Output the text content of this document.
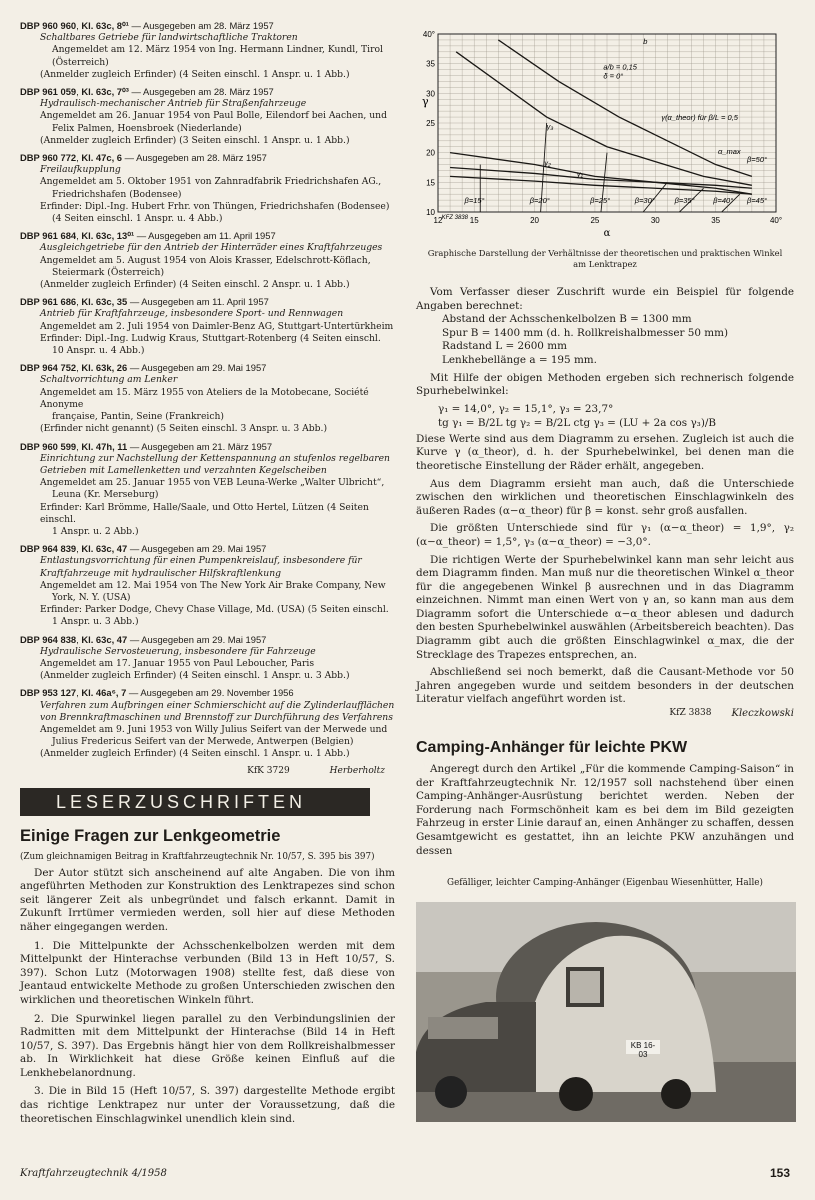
DBP 960 960, Kl. 63c, 8⁰¹ — Ausgegeben am 28. März 1957
Schaltbares Getriebe für landwirtschaftliche Traktoren
Angemeldet am 12. März 1954 von Ing. Hermann Lindner, Kundl, Tirol (Österreich)
(Anmelder zugleich Erfinder) (4 Seiten einschl. 1 Anspr. u. 1 Abb.)
DBP 961 059, Kl. 63c, 7⁰³ — Ausgegeben am 28. März 1957
Hydraulisch-mechanischer Antrieb für Straßenfahrzeuge
Angemeldet am 26. Januar 1954 von Paul Bolle, Eilendorf bei Aachen, und
Felix Palmen, Hoensbroek (Niederlande)
(Anmelder zugleich Erfinder) (3 Seiten einschl. 1 Anspr. u. 1 Abb.)
DBP 960 772, Kl. 47c, 6 — Ausgegeben am 28. März 1957
Freilaufkupplung
Angemeldet am 5. Oktober 1951 von Zahnradfabrik Friedrichshafen AG.,
Friedrichshafen (Bodensee)
Erfinder: Dipl.-Ing. Hubert Frhr. von Thüngen, Friedrichshafen (Bodensee)
(4 Seiten einschl. 1 Anspr. u. 4 Abb.)
DBP 961 684, Kl. 63c, 13⁰¹ — Ausgegeben am 11. April 1957
Ausgleichgetriebe für den Antrieb der Hinterräder eines Kraftfahrzeuges
Angemeldet am 5. August 1954 von Alois Krasser, Edelschrott-Köflach,
Steiermark (Österreich)
(Anmelder zugleich Erfinder) (4 Seiten einschl. 2 Anspr. u. 1 Abb.)
DBP 961 686, Kl. 63c, 35 — Ausgegeben am 11. April 1957
Antrieb für Kraftfahrzeuge, insbesondere Sport- und Rennwagen
Angemeldet am 2. Juli 1954 von Daimler-Benz AG, Stuttgart-Untertürkheim
Erfinder: Dipl.-Ing. Ludwig Kraus, Stuttgart-Rotenberg (4 Seiten einschl.
10 Anspr. u. 4 Abb.)
DBP 964 752, Kl. 63k, 26 — Ausgegeben am 29. Mai 1957
Schaltvorrichtung am Lenker
Angemeldet am 15. März 1955 von Ateliers de la Motobecane, Société Anonyme
française, Pantin, Seine (Frankreich)
(Erfinder nicht genannt) (5 Seiten einschl. 3 Anspr. u. 3 Abb.)
DBP 960 599, Kl. 47h, 11 — Ausgegeben am 21. März 1957
Einrichtung zur Nachstellung der Kettenspannung an stufenlos regelbaren Getrieben mit Lamellenketten und verzahnten Kegelscheiben
Angemeldet am 25. Januar 1955 von VEB Leuna-Werke „Walter Ulbricht“,
Leuna (Kr. Merseburg)
Erfinder: Karl Brömme, Halle/Saale, und Otto Hertel, Lützen (4 Seiten einschl.
1 Anspr. u. 2 Abb.)
DBP 964 839, Kl. 63c, 47 — Ausgegeben am 29. Mai 1957
Entlastungsvorrichtung für einen Pumpenkreislauf, insbesondere für Kraftfahrzeuge mit hydraulischer Hilfskraftlenkung
Angemeldet am 12. Mai 1954 von The New York Air Brake Company, New
York, N. Y. (USA)
Erfinder: Parker Dodge, Chevy Chase Village, Md. (USA) (5 Seiten einschl.
1 Anspr. u. 3 Abb.)
DBP 964 838, Kl. 63c, 47 — Ausgegeben am 29. Mai 1957
Hydraulische Servosteuerung, insbesondere für Fahrzeuge
Angemeldet am 17. Januar 1955 von Paul Leboucher, Paris
(Anmelder zugleich Erfinder) (4 Seiten einschl. 1 Anspr. u. 3 Abb.)
DBP 953 127, Kl. 46a⁶, 7 — Ausgegeben am 29. November 1956
Verfahren zum Aufbringen einer Schmierschicht auf die Zylinderlaufflächen von Brennkraftmaschinen und Brennstoff zur Durchführung des Verfahrens
Angemeldet am 9. Juni 1953 von Willy Julius Seifert van der Merwede und
Julius Fredericus Seifert van der Merwede, Antwerpen (Belgien)
(Anmelder zugleich Erfinder) (4 Seiten einschl. 1 Anspr. u. 1 Abb.)
KfK 3729	Herberholtz
LESERZUSCHRIFTEN
Einige Fragen zur Lenkgeometrie
(Zum gleichnamigen Beitrag in Kraftfahrzeugtechnik Nr. 10/57, S. 395 bis 397)

Der Autor stützt sich anscheinend auf alte Angaben. Die von ihm angeführten Methoden zur Konstruktion des Lenktrapezes sind schon seit längerer Zeit als unbegründet und falsch erkannt. Damit in Zukunft Irrtümer vermieden werden, soll hier auf diese Methoden näher eingegangen werden.

1. Die Mittelpunkte der Achsschenkelbolzen werden mit dem Mittelpunkt der Hinterachse verbunden (Bild 13 in Heft 10/57, S. 397). Schon Lutz (Motorwagen 1908) stellte fest, daß diese von Jeantaud entwickelte Methode zu großen Unterschieden zwischen den wirklichen und theoretischen Winkeln führt.

2. Die Spurwinkel liegen parallel zu den Verbindungslinien der Radmitten mit dem Mittelpunkt der Hinterachse (Bild 14 in Heft 10/57, S. 397). Das Ergebnis hängt hier von dem Rollkreishalbmesser ab. In Wirklichkeit hat diese Größe keinen Einfluß auf die Lenkhebelanordnung.

3. Die in Bild 15 (Heft 10/57, S. 397) dargestellte Methode ergibt das richtige Lenktrapez nur unter der Voraussetzung, daß die theoretischen Einschlagwinkel unendlich klein sind.

12	15	20	25	30	35	40°
40°
35
30
25
20
15
10
α
γ
a/b = 0,15
δ = 0°
γ₃
γ₂
γ₁
γ(α_theor) für β/L = 0,5
α_max
β=15°	β=20°	β=25°	β=30°	β=35° β=40° β=45°
β=50°
KFZ 3838
b
Graphische Darstellung der Verhältnisse der theoretischen und praktischen Winkel
am Lenktrapez

Vom Verfasser dieser Zuschrift wurde ein Beispiel für folgende Angaben berechnet:

Abstand der Achsschenkelbolzen B = 1300 mm

Spur B = 1400 mm (d. h. Rollkreishalbmesser 50 mm)

Radstand L = 2600 mm

Lenkhebellänge a = 195 mm.

Mit Hilfe der obigen Methoden ergeben sich rechnerisch folgende Spurhebelwinkel:

γ₁ = 14,0°, γ₂ = 15,1°, γ₃ = 23,7°
tg γ₁ = B/2L tg γ₂ = B/2L ctg γ₃ = (LU + 2a cos γ₃)/B

Diese Werte sind aus dem Diagramm zu ersehen. Zugleich ist auch die Kurve γ (α_theor), d. h. der Spurhebelwinkel, bei denen man die theoretische Einstellung der Räder erhält, angegeben.

Aus dem Diagramm ersieht man auch, daß die Unterschiede zwischen den wirklichen und theoretischen Einschlagwinkeln des äußeren Rades (α−α_theor) für β = konst. sehr groß ausfallen.

Die größten Unterschiede sind für γ₁ (α−α_theor) = 1,9°, γ₂ (α−α_theor) = 1,5°, γ₃ (α−α_theor) = −3,0°.

Die richtigen Werte der Spurhebelwinkel kann man sehr leicht aus dem Diagramm finden. Man muß nur die theoretischen Winkel α_theor für die angegebenen Winkel β ausrechnen und in das Diagramm einzeichnen. Nimmt man einen Wert von γ an, so kann man aus dem Diagramm sofort die Unterschiede α−α_theor ablesen und dadurch den besten Spurhebelwinkel auswählen (Arbeitsbereich beachten). Das Diagramm gibt auch die größten Einschlagwinkel α_max, die der Strecklage des Trapezes entsprechen, an.

Abschließend sei noch bemerkt, daß die Causant-Methode vor 50 Jahren angegeben wurde und seitdem besonders in der deutschen Literatur vielfach angeführt worden ist.

KfZ 3838 Kleczkowski
Camping-Anhänger für leichte PKW

Angeregt durch den Artikel „Für die kommende Camping-Saison“ in der Kraftfahrzeugtechnik Nr. 12/1957 soll nachstehend über einen Camping-Anhänger-Ausrüstung berichtet werden. Neben der Forderung nach Formschönheit kam es bei dem im Bild gezeigten Fahrzeug in erster Linie darauf an, einen Anhänger zu schaffen, dessen Gesamtgewicht es gestattet, ihn an leichte PKW anzuhängen und dessen

Gefälliger, leichter Camping-Anhänger (Eigenbau Wiesenhütter, Halle)
KB 16-03
Kraftfahrzeugtechnik 4/1958	153
